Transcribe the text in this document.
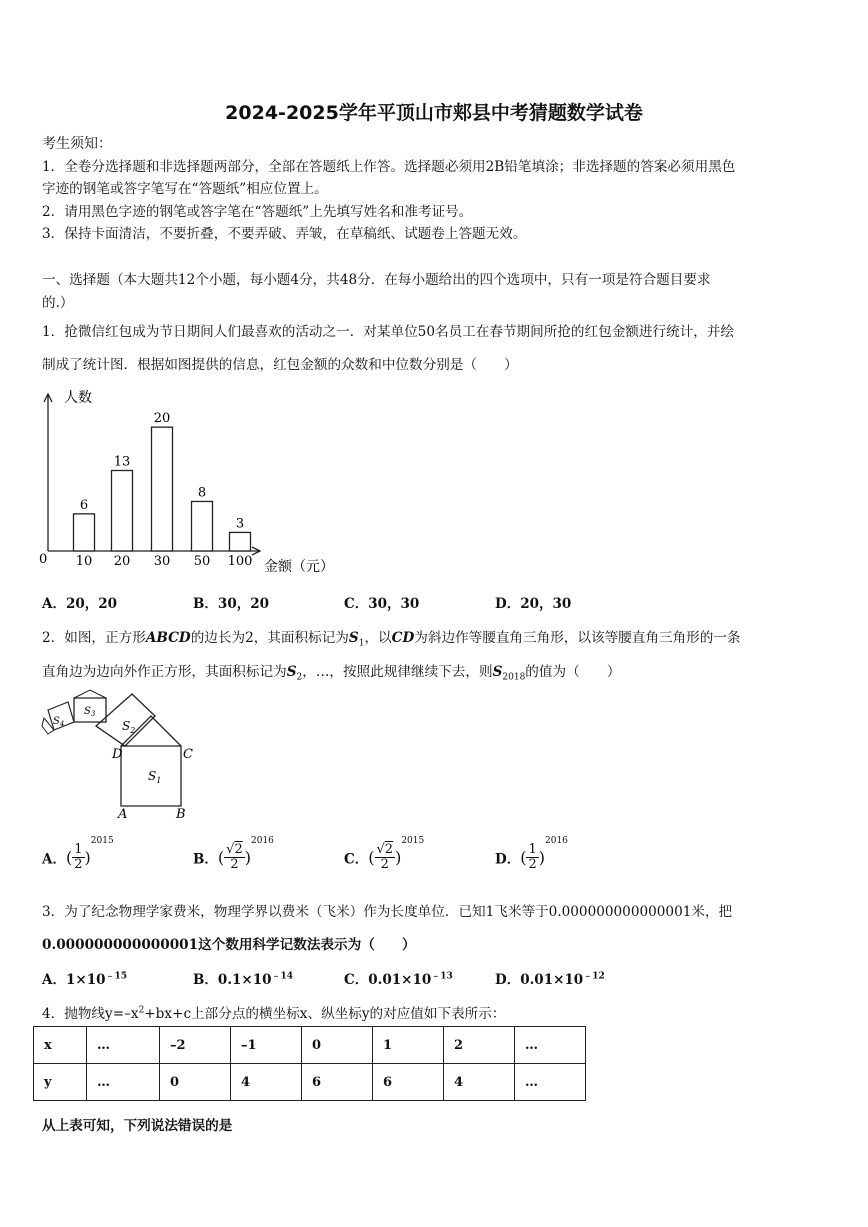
2024-2025学年平顶山市郏县中考猜题数学试卷
考生须知：
1．全卷分选择题和非选择题两部分，全部在答题纸上作答。选择题必须用2B铅笔填涂；非选择题的答案必须用黑色
字迹的钢笔或答字笔写在“答题纸”相应位置上。
2．请用黑色字迹的钢笔或答字笔在“答题纸”上先填写姓名和准考证号。
3．保持卡面清洁，不要折叠，不要弄破、弄皱，在草稿纸、试题卷上答题无效。
一、选择题（本大题共12个小题，每小题4分，共48分．在每小题给出的四个选项中，只有一项是符合题目要求
的.）
1．抢微信红包成为节日期间人们最喜欢的活动之一．对某单位50名员工在春节期间所抢的红包金额进行统计，并绘
制成了统计图．根据如图提供的信息，红包金额的众数和中位数分别是（　　）
人数
金额（元）
0
6
10
13
20
20
30
8
50
3
100
A．20，20	B．30，20	C．30，30	D．20，30
2．如图，正方形ABCD的边长为2，其面积标记为$S_1$，以CD为斜边作等腰直角三角形，以该等腰直角三角形的一条
直角边为边向外作正方形，其面积标记为$S_2$，…，按照此规律继续下去，则$S_{2018}$的值为（　　）
$S_1$
$S_2$
$S_3$
$S_4$
D	C
A	B
A．( $\frac{1}{2} )^{2015}$
B．( $\frac{√2}{2} )^{2016}$
C．( $\frac{√2}{2} )^{2015}$
D．( $\frac{1}{2} )^{2016}$
3．为了纪念物理学家费米，物理学界以费米（飞米）作为长度单位．已知1飞米等于0.000000000000001米，把
0.000000000000001这个数用科学记数法表示为（　　）
A．$1\times 10^{﹣15}$	B．$0.1\times 10^{﹣14}$	C．$0.01\times 10^{﹣13}$	D．$0.01\times 10^{﹣12}$
4．抛物线$y=-x^2+bx+c$上部分点的横坐标x、纵坐标y的对应值如下表所示：
x	…	–2	–1	0	1	2	…
y	…	0	4	6	6	4	…
从上表可知，下列说法错误的是
